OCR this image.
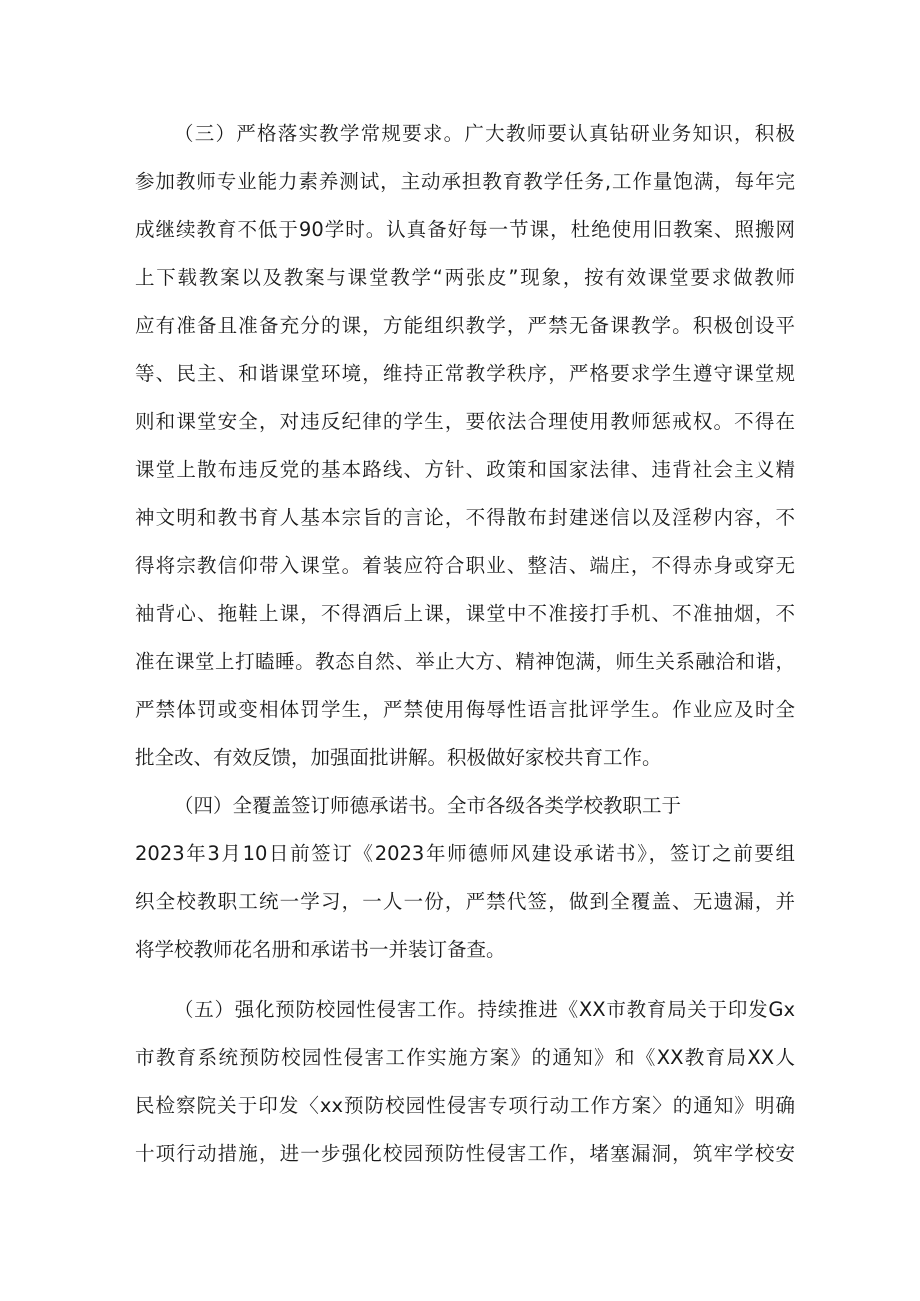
（三）严格落实教学常规要求。广大教师要认真钻研业务知识，积极
参加教师专业能力素养测试，主动承担教育教学任务,工作量饱满，每年完
成继续教育不低于90学时。认真备好每一节课，杜绝使用旧教案、照搬网
上下载教案以及教案与课堂教学“两张皮”现象，按有效课堂要求做教师
应有准备且准备充分的课，方能组织教学，严禁无备课教学。积极创设平
等、民主、和谐课堂环境，维持正常教学秩序，严格要求学生遵守课堂规
则和课堂安全，对违反纪律的学生，要依法合理使用教师惩戒权。不得在
课堂上散布违反党的基本路线、方针、政策和国家法律、违背社会主义精
神文明和教书育人基本宗旨的言论，不得散布封建迷信以及淫秽内容，不
得将宗教信仰带入课堂。着装应符合职业、整洁、端庄，不得赤身或穿无
袖背心、拖鞋上课，不得酒后上课，课堂中不准接打手机、不准抽烟，不
准在课堂上打瞌睡。教态自然、举止大方、精神饱满，师生关系融洽和谐，
严禁体罚或变相体罚学生，严禁使用侮辱性语言批评学生。作业应及时全
批全改、有效反馈，加强面批讲解。积极做好家校共育工作。
（四）全覆盖签订师德承诺书。全市各级各类学校教职工于
2023年3月10日前签订《2023年师德师风建设承诺书》，签订之前要组
织全校教职工统一学习，一人一份，严禁代签，做到全覆盖、无遗漏，并
将学校教师花名册和承诺书一并装订备查。
（五）强化预防校园性侵害工作。持续推进《XX市教育局关于印发Gx
市教育系统预防校园性侵害工作实施方案》的通知》和《XX教育局XX人
民检察院关于印发〈xx预防校园性侵害专项行动工作方案〉的通知》明确
十项行动措施，进一步强化校园预防性侵害工作，堵塞漏洞，筑牢学校安
